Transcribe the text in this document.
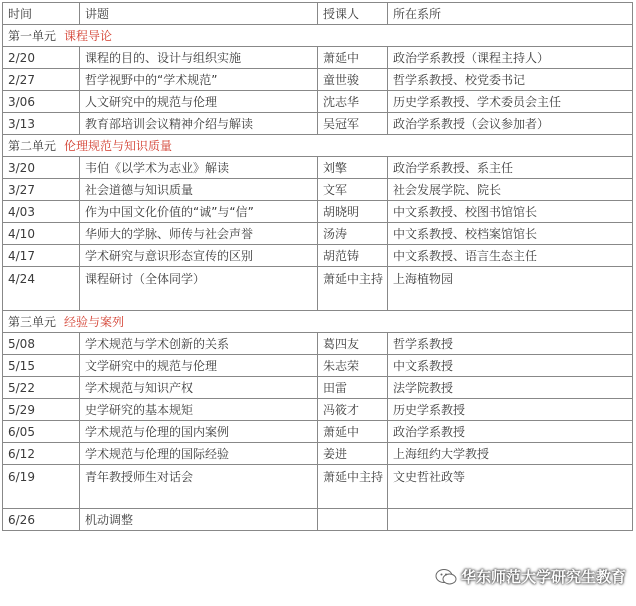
时间	讲题	授课人	所在系所
第一单元 课程导论			
2/20	课程的目的、设计与组织实施	萧延中	政治学系教授（课程主持人）
2/27	哲学视野中的“学术规范”	童世骏	哲学系教授、校党委书记
3/06	人文研究中的规范与伦理	沈志华	历史学系教授、学术委员会主任
3/13	教育部培训会议精神介绍与解读	吴冠军	政治学系教授（会议参加者）
第二单元 伦理规范与知识质量			
3/20	韦伯《以学术为志业》解读	刘擎	政治学系教授、系主任
3/27	社会道德与知识质量	文军	社会发展学院、院长
4/03	作为中国文化价值的“诚”与“信”	胡晓明	中文系教授、校图书馆馆长
4/10	华师大的学脉、师传与社会声誉	汤涛	中文系教授、校档案馆馆长
4/17	学术研究与意识形态宣传的区别	胡范铸	中文系教授、语言生态主任
4/24	课程研讨（全体同学）	萧延中主持	上海植物园
第三单元 经验与案列			
5/08	学术规范与学术创新的关系	葛四友	哲学系教授
5/15	文学研究中的规范与伦理	朱志荣	中文系教授
5/22	学术规范与知识产权	田雷	法学院教授
5/29	史学研究的基本规矩	冯筱才	历史学系教授
6/05	学术规范与伦理的国内案例	萧延中	政治学系教授
6/12	学术规范与伦理的国际经验	姜进	上海纽约大学教授
6/19	青年教授师生对话会	萧延中主持	文史哲社政等
6/26	机动调整		
华东师范大学研究生教育
